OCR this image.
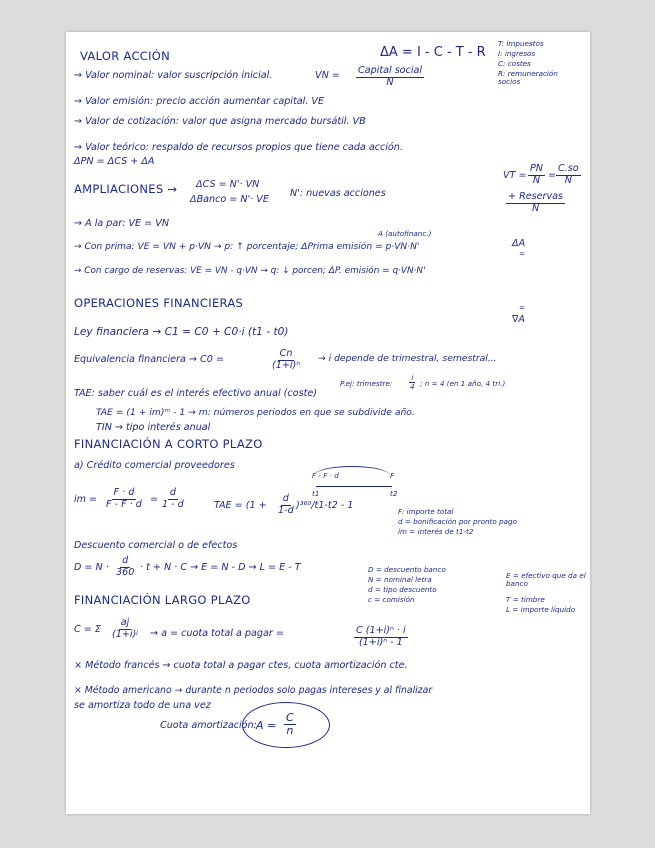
VALOR ACCIÓN	ΔA = I - C - T - R
T: impuestos
I: ingresos
C: costes
R: remuneración socios
→ Valor nominal: valor suscripción inicial.	VN = Capital social
N
→ Valor emisión: precio acción aumentar capital. VE
→ Valor de cotización: valor que asigna mercado bursátil. VB
→ Valor teórico: respaldo de recursos propios que tiene cada acción.
ΔPN = ΔCS + ΔA
VT = $\frac{PN}{N} = \frac{C.so}{N}$
AMPLIACIONES → ΔCS = N'· VN
ΔBanco = N'· VE
N': nuevas acciones	+ Reservas
N
→ A la par: VE = VN
A (autofinanc.)
ΔA
=
→ Con prima: VE = VN + p·VN → p: ↑ porcentaje; ΔPrima emisión = p·VN·N'
→ Con cargo de reservas: VE = VN - q·VN → q: ↓ porcen; ΔP. emisión = q·VN·N'
=
∇A
OPERACIONES FINANCIERAS
Ley financiera → C1 = C0 + C0·i (t1 - t0)
Equivalencia financiera → C0 =	$\frac{Cn}{\text{(1+i)ⁿ}} \to i$ depende de trimestral, semestral...
P.ej: trimestre: $\frac{i}{4}$ ; n = 4 (en 1 año, 4 tri.)
TAE: saber cuál es el interés efectivo anual (coste)
TAE = (1 + im)ᵐ - 1 → m: números periodos en que se subdivide año.
TIN → tipo interés anual
FINANCIACIÓN A CORTO PLAZO
a) Crédito comercial proveedores
F - F · d	F
t1	t2
im = $\frac{F \cdot d}{F - F \cdot d} = \frac{d}{1 - d}$	TAE = $(1 + \frac{d}{1-d} )^{360}/t1-t2 - 1$
F: importe total
d = bonificación por pronto pago
im = interés de t1-t2
Descuento comercial o de efectos
$D = N \cdot \frac{d}{360} \cdot t + N \cdot C \to E = N - D \to L = E - T$	D = descuento banco
N = nominal letra
d = tipo descuento
c = comisión
E = efectivo que da el banco
T = timbre
L = importe líquido
FINANCIACIÓN LARGO PLAZO
C = Σ $\frac{aj}{\text{(1+i)ʲ}} \to a$ = cuota total a pagar =	$\frac{\text{C (1+i)ⁿ · i}}{\text{(1+i)ⁿ - 1}}$
× Método francés → cuota total a pagar ctes, cuota amortización cte.
× Método americano → durante n periodos solo pagas intereses y al finalizar
se amortiza todo de una vez
Cuota amortización: $A = \frac{C}{n}$
